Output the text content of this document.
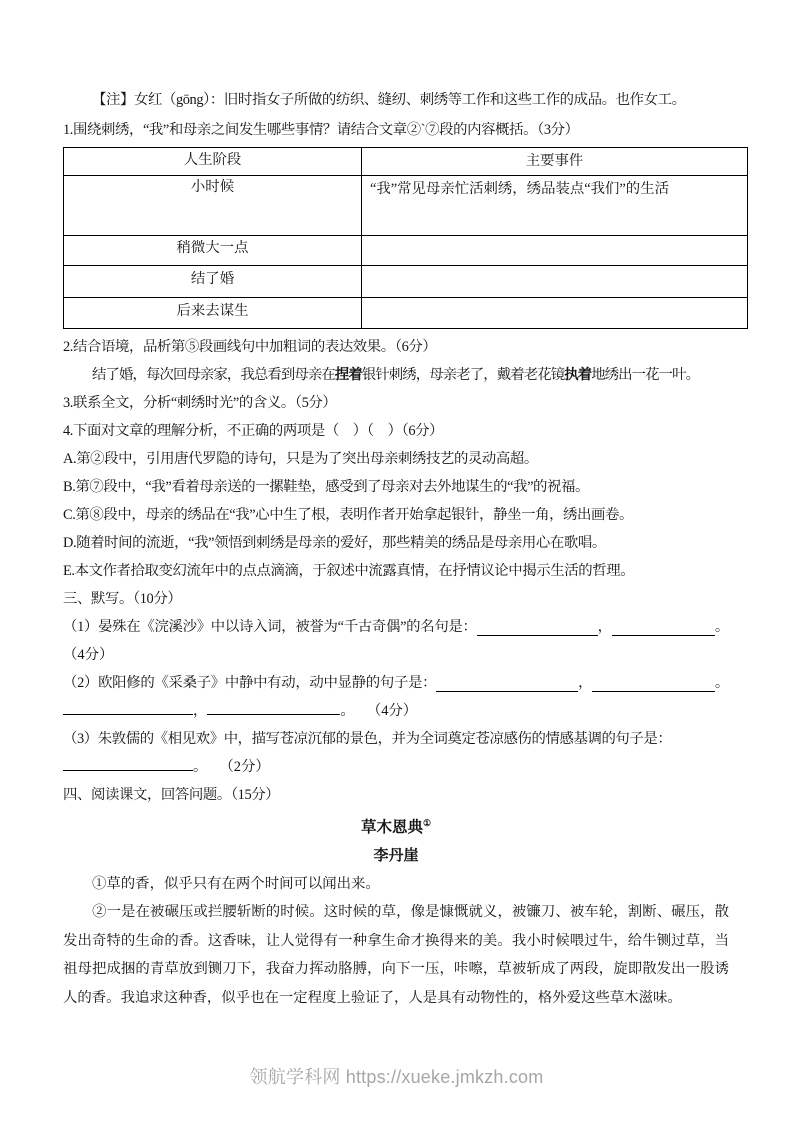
【注】女红（gōng）：旧时指女子所做的纺织、缝纫、刺绣等工作和这些工作的成品。也作女工。
1.围绕刺绣，“我”和母亲之间发生哪些事情？请结合文章②`⑦段的内容概括。（3分）
人生阶段	主要事件
小时候	“我”常见母亲忙活刺绣，绣品装点“我们”的生活
稍微大一点	
结了婚	
后来去谋生	
2.结合语境，品析第⑤段画线句中加粗词的表达效果。（6分）
结了婚，每次回母亲家，我总看到母亲在捏着银针刺绣，母亲老了，戴着老花镜执着地绣出一花一叶。
3.联系全文，分析“刺绣时光”的含义。（5分）
4.下面对文章的理解分析，不正确的两项是（　）（　）（6分）
A.第②段中，引用唐代罗隐的诗句，只是为了突出母亲刺绣技艺的灵动高超。
B.第⑦段中，“我”看着母亲送的一摞鞋垫，感受到了母亲对去外地谋生的“我”的祝福。
C.第⑧段中，母亲的绣品在“我”心中生了根，表明作者开始拿起银针，静坐一角，绣出画卷。
D.随着时间的流逝，“我”领悟到刺绣是母亲的爱好，那些精美的绣品是母亲用心在歌唱。
E.本文作者拾取变幻流年中的点点滴滴，于叙述中流露真情，在抒情议论中揭示生活的哲理。
三、默写。（10分）
（1）晏殊在《浣溪沙》中以诗入词，被誉为“千古奇偶”的名句是：	，	。
（4分）
（2）欧阳修的《采桑子》中静中有动，动中显静的句子是：	，	。
，	。 （4分）
（3）朱敦儒的《相见欢》中，描写苍凉沉郁的景色，并为全词奠定苍凉感伤的情感基调的句子是：
。 （2分）
四、阅读课文，回答问题。（15分）
草木恩典①
李丹崖
①草的香，似乎只有在两个时间可以闻出来。
②一是在被碾压或拦腰斩断的时候。这时候的草，像是慷慨就义，被镰刀、被车轮，割断、碾压，散发出奇特的生命的香。这香味，让人觉得有一种拿生命才换得来的美。我小时候喂过牛，给牛铡过草，当祖母把成捆的青草放到铡刀下，我奋力挥动胳膊，向下一压，咔嚓，草被斩成了两段，旋即散发出一股诱人的香。我追求这种香，似乎也在一定程度上验证了，人是具有动物性的，格外爱这些草木滋味。
领航学科网 https://xueke.jmkzh.com
